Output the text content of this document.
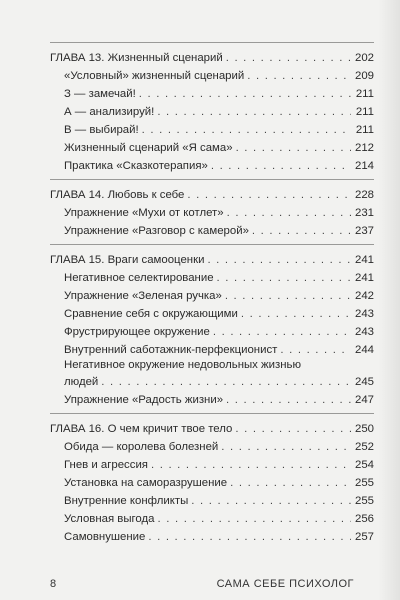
ГЛАВА 13. Жизненный сценарий . . .	202
«Условный» жизненный сценарий . . .	209
З — замечай! . . .	211
А — анализируй! . . .	211
В — выбирай! . . .	211
Жизненный сценарий «Я сама» . . .	212
Практика «Сказкотерапия» . . .	214
ГЛАВА 14. Любовь к себе . . .	228
Упражнение «Мухи от котлет» . . .	231
Упражнение «Разговор с камерой» . . .	237
ГЛАВА 15. Враги самооценки . . .	241
Негативное селектирование . . .	241
Упражнение «Зеленая ручка» . . .	242
Сравнение себя с окружающими . . .	243
Фрустрирующее окружение . . .	243
Внутренний саботажник-перфекционист . . .	244
Негативное окружение недовольных жизнью
людей . . .	245
Упражнение «Радость жизни» . . .	247
ГЛАВА 16. О чем кричит твое тело . . .	250
Обида — королева болезней . . .	252
Гнев и агрессия . . .	254
Установка на саморазрушение . . .	255
Внутренние конфликты . . .	255
Условная выгода . . .	256
Самовнушение . . .	257
8	САМА СЕБЕ ПСИХОЛОГ
